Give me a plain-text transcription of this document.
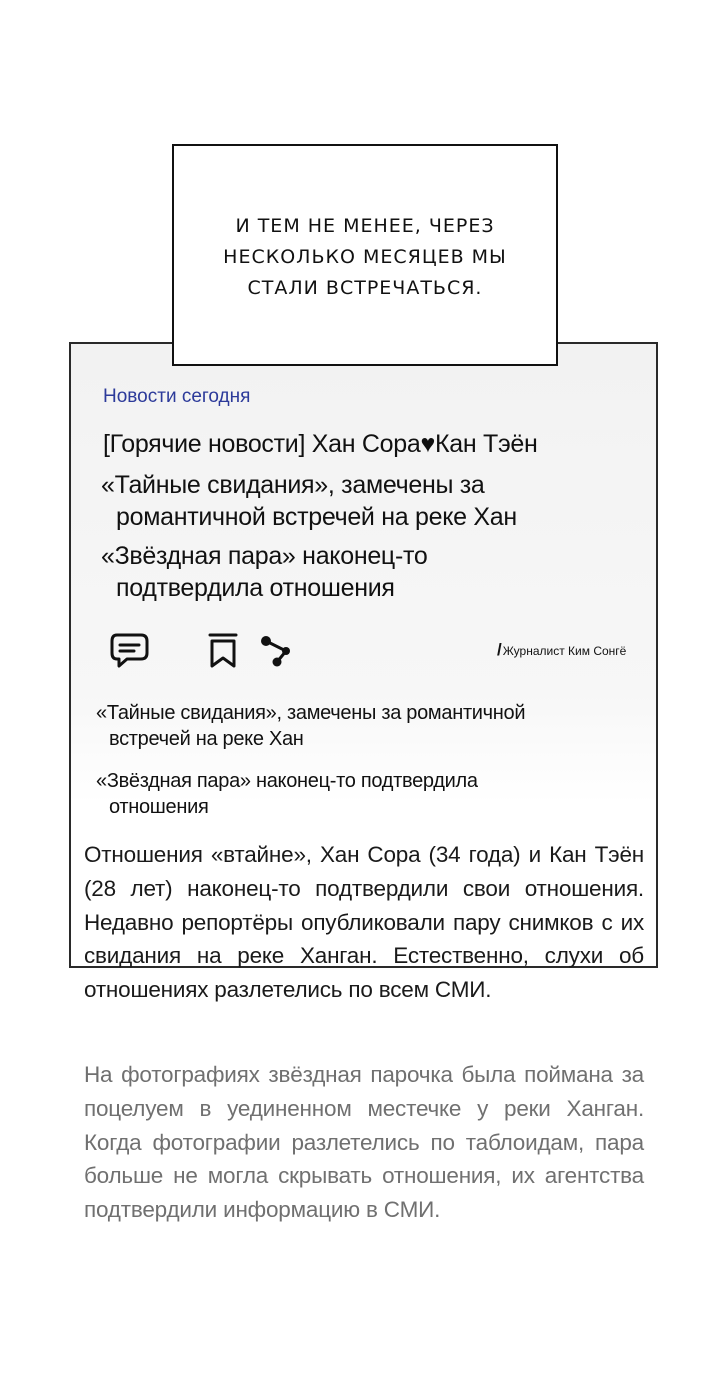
И ТЕМ НЕ МЕНЕЕ, ЧЕРЕЗ
НЕСКОЛЬКО МЕСЯЦЕВ МЫ
СТАЛИ ВСТРЕЧАТЬСЯ.
Новости сегодня
[Горячие новости] Хан Сора♥Кан Тэён
«Тайные свидания», замечены за
романтичной встречей на реке Хан
«Звёздная пара» наконец-то
подтвердила отношения
/Журналист Ким Сонгё
«Тайные свидания», замечены за романтичной
встречей на реке Хан
«Звёздная пара» наконец-то подтвердила
отношения
Отношения «втайне», Хан Сора (34 года) и Кан Тэён (28 лет) наконец-то подтвердили свои отношения. Недавно репортёры опубликовали пару снимков с их свидания на реке Ханган. Естественно, слухи об отношениях разлетелись по всем СМИ.
На фотографиях звёздная парочка была поймана за поцелуем в уединенном местечке у реки Ханган. Когда фотографии разлетелись по таблоидам, пара больше не могла скрывать отношения, их агентства подтвердили информацию в СМИ.
